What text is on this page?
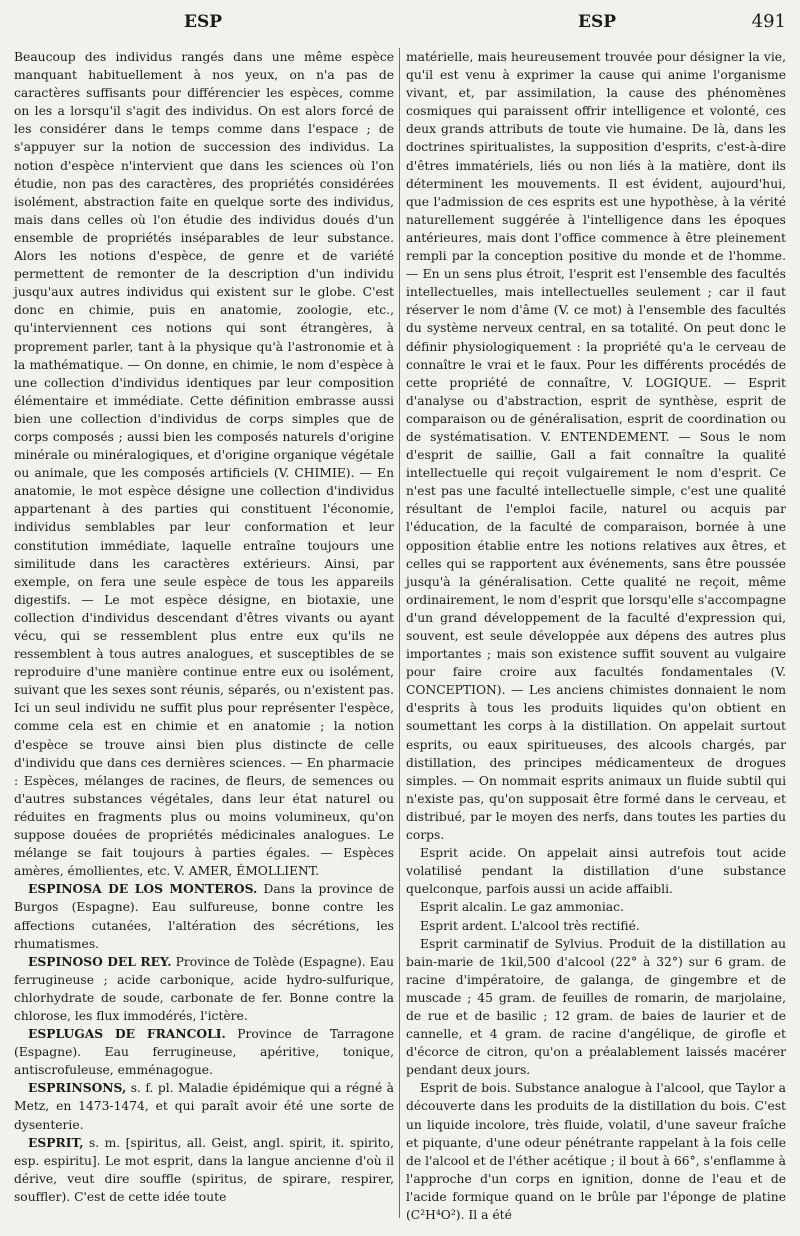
ESP	ESP	491

Beaucoup des individus rangés dans une même espèce manquant habituellement à nos yeux, on n'a pas de caractères suffisants pour différencier les espèces, comme on les a lorsqu'il s'agit des individus. On est alors forcé de les considérer dans le temps comme dans l'espace ; de s'appuyer sur la notion de succession des individus. La notion d'espèce n'intervient que dans les sciences où l'on étudie, non pas des caractères, des propriétés considérées isolément, abstraction faite en quelque sorte des individus, mais dans celles où l'on étudie des individus doués d'un ensemble de propriétés inséparables de leur substance. Alors les notions d'espèce, de genre et de variété permettent de remonter de la description d'un individu jusqu'aux autres individus qui existent sur le globe. C'est donc en chimie, puis en anatomie, zoologie, etc., qu'interviennent ces notions qui sont étrangères, à proprement parler, tant à la physique qu'à l'astronomie et à la mathématique. — On donne, en chimie, le nom d'espèce à une collection d'individus identiques par leur composition élémentaire et immédiate. Cette définition embrasse aussi bien une collection d'individus de corps simples que de corps composés ; aussi bien les composés naturels d'origine minérale ou minéralogiques, et d'origine organique végétale ou animale, que les composés artificiels (V. CHIMIE). — En anatomie, le mot espèce désigne une collection d'individus appartenant à des parties qui constituent l'économie, individus semblables par leur conformation et leur constitution immédiate, laquelle entraîne toujours une similitude dans les caractères extérieurs. Ainsi, par exemple, on fera une seule espèce de tous les appareils digestifs. — Le mot espèce désigne, en biotaxie, une collection d'individus descendant d'êtres vivants ou ayant vécu, qui se ressemblent plus entre eux qu'ils ne ressemblent à tous autres analogues, et susceptibles de se reproduire d'une manière continue entre eux ou isolément, suivant que les sexes sont réunis, séparés, ou n'existent pas. Ici un seul individu ne suffit plus pour représenter l'espèce, comme cela est en chimie et en anatomie ; la notion d'espèce se trouve ainsi bien plus distincte de celle d'individu que dans ces dernières sciences. — En pharmacie : Espèces, mélanges de racines, de fleurs, de semences ou d'autres substances végétales, dans leur état naturel ou réduites en fragments plus ou moins volumineux, qu'on suppose douées de propriétés médicinales analogues. Le mélange se fait toujours à parties égales. — Espèces amères, émollientes, etc. V. AMER, ÉMOLLIENT.

ESPINOSA DE LOS MONTEROS. Dans la province de Burgos (Espagne). Eau sulfureuse, bonne contre les affections cutanées, l'altération des sécrétions, les rhumatismes.

ESPINOSO DEL REY. Province de Tolède (Espagne). Eau ferrugineuse ; acide carbonique, acide hydro-sulfurique, chlorhydrate de soude, carbonate de fer. Bonne contre la chlorose, les flux immodérés, l'ictère.

ESPLUGAS DE FRANCOLI. Province de Tarragone (Espagne). Eau ferrugineuse, apéritive, tonique, antiscrofuleuse, emménagogue.

ESPRINSONS, s. f. pl. Maladie épidémique qui a régné à Metz, en 1473-1474, et qui paraît avoir été une sorte de dysenterie.

ESPRIT, s. m. [spiritus, all. Geist, angl. spirit, it. spirito, esp. espiritu]. Le mot esprit, dans la langue ancienne d'où il dérive, veut dire souffle (spiritus, de spirare, respirer, souffler). C'est de cette idée toute

matérielle, mais heureusement trouvée pour désigner la vie, qu'il est venu à exprimer la cause qui anime l'organisme vivant, et, par assimilation, la cause des phénomènes cosmiques qui paraissent offrir intelligence et volonté, ces deux grands attributs de toute vie humaine. De là, dans les doctrines spiritualistes, la supposition d'esprits, c'est-à-dire d'êtres immatériels, liés ou non liés à la matière, dont ils déterminent les mouvements. Il est évident, aujourd'hui, que l'admission de ces esprits est une hypothèse, à la vérité naturellement suggérée à l'intelligence dans les époques antérieures, mais dont l'office commence à être pleinement rempli par la conception positive du monde et de l'homme. — En un sens plus étroit, l'esprit est l'ensemble des facultés intellectuelles, mais intellectuelles seulement ; car il faut réserver le nom d'âme (V. ce mot) à l'ensemble des facultés du système nerveux central, en sa totalité. On peut donc le définir physiologiquement : la propriété qu'a le cerveau de connaître le vrai et le faux. Pour les différents procédés de cette propriété de connaître, V. LOGIQUE. — Esprit d'analyse ou d'abstraction, esprit de synthèse, esprit de comparaison ou de généralisation, esprit de coordination ou de systématisation. V. ENTENDEMENT. — Sous le nom d'esprit de saillie, Gall a fait connaître la qualité intellectuelle qui reçoit vulgairement le nom d'esprit. Ce n'est pas une faculté intellectuelle simple, c'est une qualité résultant de l'emploi facile, naturel ou acquis par l'éducation, de la faculté de comparaison, bornée à une opposition établie entre les notions relatives aux êtres, et celles qui se rapportent aux événements, sans être poussée jusqu'à la généralisation. Cette qualité ne reçoit, même ordinairement, le nom d'esprit que lorsqu'elle s'accompagne d'un grand développement de la faculté d'expression qui, souvent, est seule développée aux dépens des autres plus importantes ; mais son existence suffit souvent au vulgaire pour faire croire aux facultés fondamentales (V. CONCEPTION). — Les anciens chimistes donnaient le nom d'esprits à tous les produits liquides qu'on obtient en soumettant les corps à la distillation. On appelait surtout esprits, ou eaux spiritueuses, des alcools chargés, par distillation, des principes médicamenteux de drogues simples. — On nommait esprits animaux un fluide subtil qui n'existe pas, qu'on supposait être formé dans le cerveau, et distribué, par le moyen des nerfs, dans toutes les parties du corps.

Esprit acide. On appelait ainsi autrefois tout acide volatilisé pendant la distillation d'une substance quelconque, parfois aussi un acide affaibli.

Esprit alcalin. Le gaz ammoniac.

Esprit ardent. L'alcool très rectifié.

Esprit carminatif de Sylvius. Produit de la distillation au bain-marie de 1kil,500 d'alcool (22° à 32°) sur 6 gram. de racine d'impératoire, de galanga, de gingembre et de muscade ; 45 gram. de feuilles de romarin, de marjolaine, de rue et de basilic ; 12 gram. de baies de laurier et de cannelle, et 4 gram. de racine d'angélique, de girofle et d'écorce de citron, qu'on a préalablement laissés macérer pendant deux jours.

Esprit de bois. Substance analogue à l'alcool, que Taylor a découverte dans les produits de la distillation du bois. C'est un liquide incolore, très fluide, volatil, d'une saveur fraîche et piquante, d'une odeur pénétrante rappelant à la fois celle de l'alcool et de l'éther acétique ; il bout à 66°, s'enflamme à l'approche d'un corps en ignition, donne de l'eau et de l'acide formique quand on le brûle par l'éponge de platine (C²H⁴O²). Il a été
